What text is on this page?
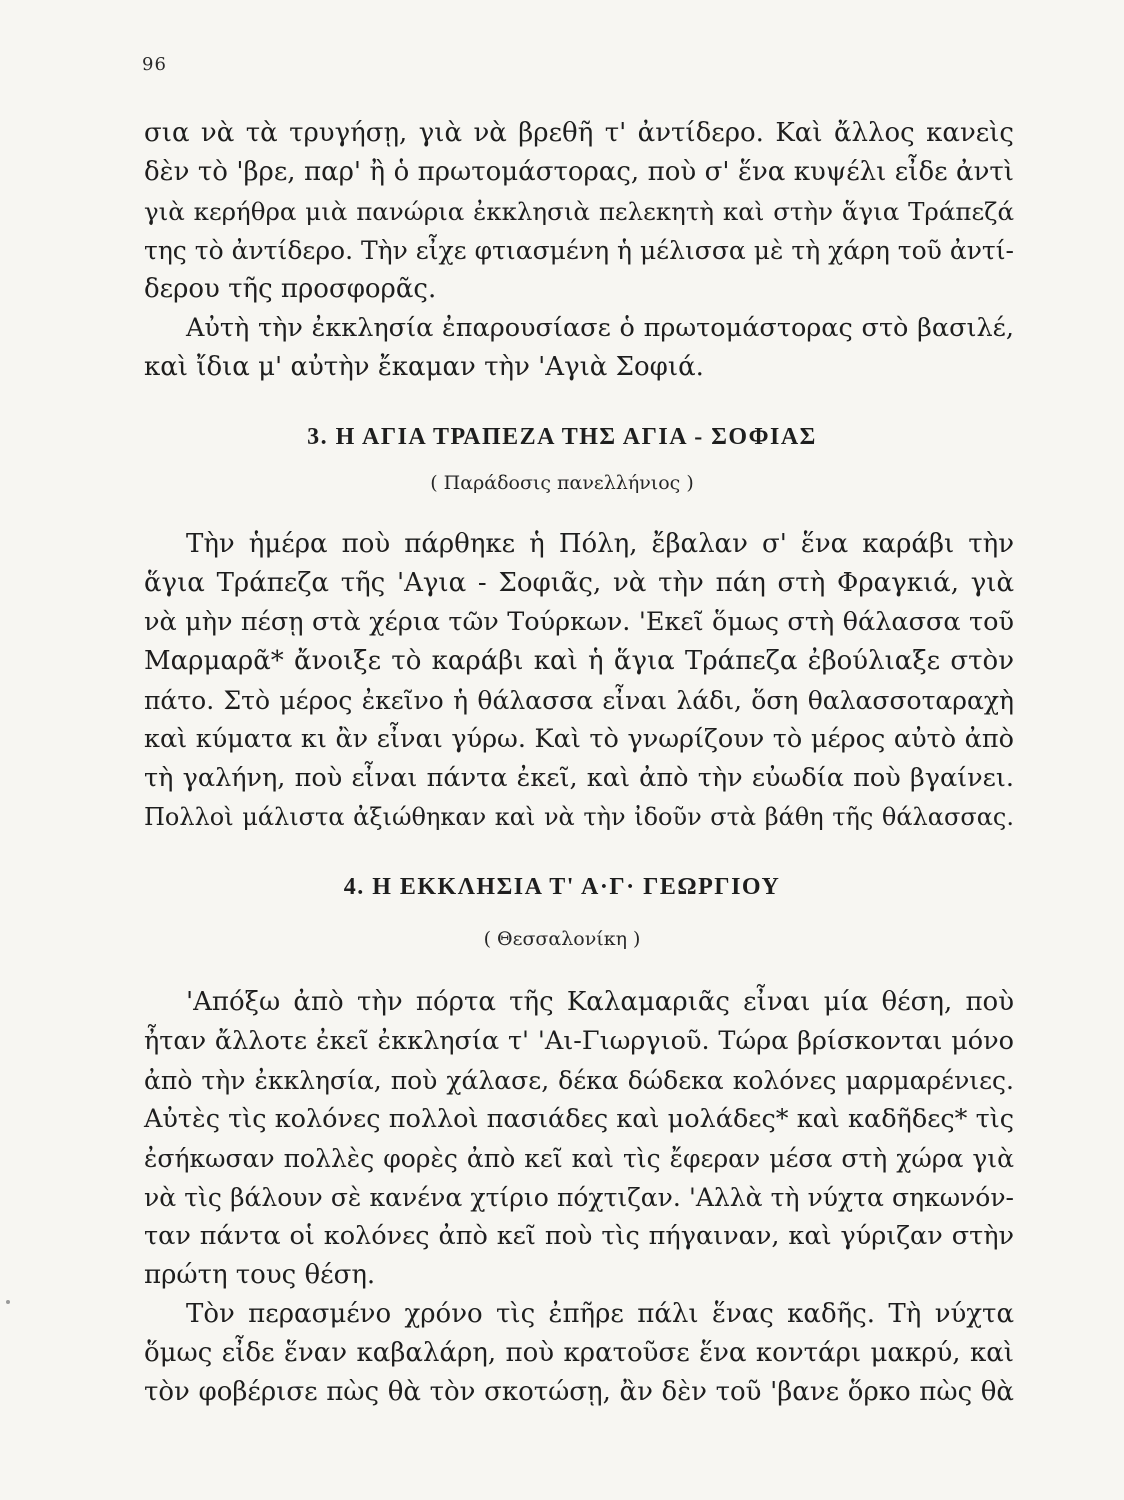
96
σια νὰ τὰ τρυγήσῃ, γιὰ νὰ βρεθῆ τ' ἀντίδερο. Καὶ ἄλλος κανεὶς
δὲν τὸ 'βρε, παρ' ἢ ὁ πρωτομάστορας, ποὺ σ' ἕνα κυψέλι εἶδε ἀντὶ
γιὰ κερήθρα μιὰ πανώρια ἐκκλησιὰ πελεκητὴ καὶ στὴν ἅγια Τράπεζά
της τὸ ἀντίδερο. Τὴν εἶχε φτιασμένη ἡ μέλισσα μὲ τὴ χάρη τοῦ ἀντί-
δερου τῆς προσφορᾶς.
Αὐτὴ τὴν ἐκκλησία ἐπαρουσίασε ὁ πρωτομάστορας στὸ βασιλέ,
καὶ ἴδια μ' αὐτὴν ἔκαμαν τὴν 'Αγιὰ Σοφιά.
3. Η ΑΓΙΑ ΤΡΑΠΕΖΑ ΤΗΣ ΑΓΙΑ - ΣΟΦΙΑΣ
( Παράδοσις πανελλήνιος )
Τὴν ἡμέρα ποὺ πάρθηκε ἡ Πόλη, ἔβαλαν σ' ἕνα καράβι τὴν
ἅγια Τράπεζα τῆς 'Αγια - Σοφιᾶς, νὰ τὴν πάη στὴ Φραγκιά, γιὰ
νὰ μὴν πέσῃ στὰ χέρια τῶν Τούρκων. 'Εκεῖ ὅμως στὴ θάλασσα τοῦ
Μαρμαρᾶ* ἄνοιξε τὸ καράβι καὶ ἡ ἅγια Τράπεζα ἐβούλιαξε στὸν
πάτο. Στὸ μέρος ἐκεῖνο ἡ θάλασσα εἶναι λάδι, ὅση θαλασσοταραχὴ
καὶ κύματα κι ἂν εἶναι γύρω. Καὶ τὸ γνωρίζουν τὸ μέρος αὐτὸ ἀπὸ
τὴ γαλήνη, ποὺ εἶναι πάντα ἐκεῖ, καὶ ἀπὸ τὴν εὐωδία ποὺ βγαίνει.
Πολλοὶ μάλιστα ἀξιώθηκαν καὶ νὰ τὴν ἰδοῦν στὰ βάθη τῆς θάλασσας.
4. Η ΕΚΚΛΗΣΙΑ Τ' Α·Γ· ΓΕΩΡΓΙΟΥ
( Θεσσαλονίκη )
'Απόξω ἀπὸ τὴν πόρτα τῆς Καλαμαριᾶς εἶναι μία θέση, ποὺ
ἦταν ἄλλοτε ἐκεῖ ἐκκλησία τ' 'Αι-Γιωργιοῦ. Τώρα βρίσκονται μόνο
ἀπὸ τὴν ἐκκλησία, ποὺ χάλασε, δέκα δώδεκα κολόνες μαρμαρένιες.
Αὐτὲς τὶς κολόνες πολλοὶ πασιάδες καὶ μολάδες* καὶ καδῆδες* τὶς
ἐσήκωσαν πολλὲς φορὲς ἀπὸ κεῖ καὶ τὶς ἔφεραν μέσα στὴ χώρα γιὰ
νὰ τὶς βάλουν σὲ κανένα χτίριο πόχτιζαν. 'Αλλὰ τὴ νύχτα σηκωνόν-
ταν πάντα οἱ κολόνες ἀπὸ κεῖ ποὺ τὶς πήγαιναν, καὶ γύριζαν στὴν
πρώτη τους θέση.
Τὸν περασμένο χρόνο τὶς ἐπῆρε πάλι ἕνας καδῆς. Τὴ νύχτα
ὅμως εἶδε ἕναν καβαλάρη, ποὺ κρατοῦσε ἕνα κοντάρι μακρύ, καὶ
τὸν φοβέρισε πὼς θὰ τὸν σκοτώσῃ, ἂν δὲν τοῦ 'βανε ὅρκο πὼς θὰ
